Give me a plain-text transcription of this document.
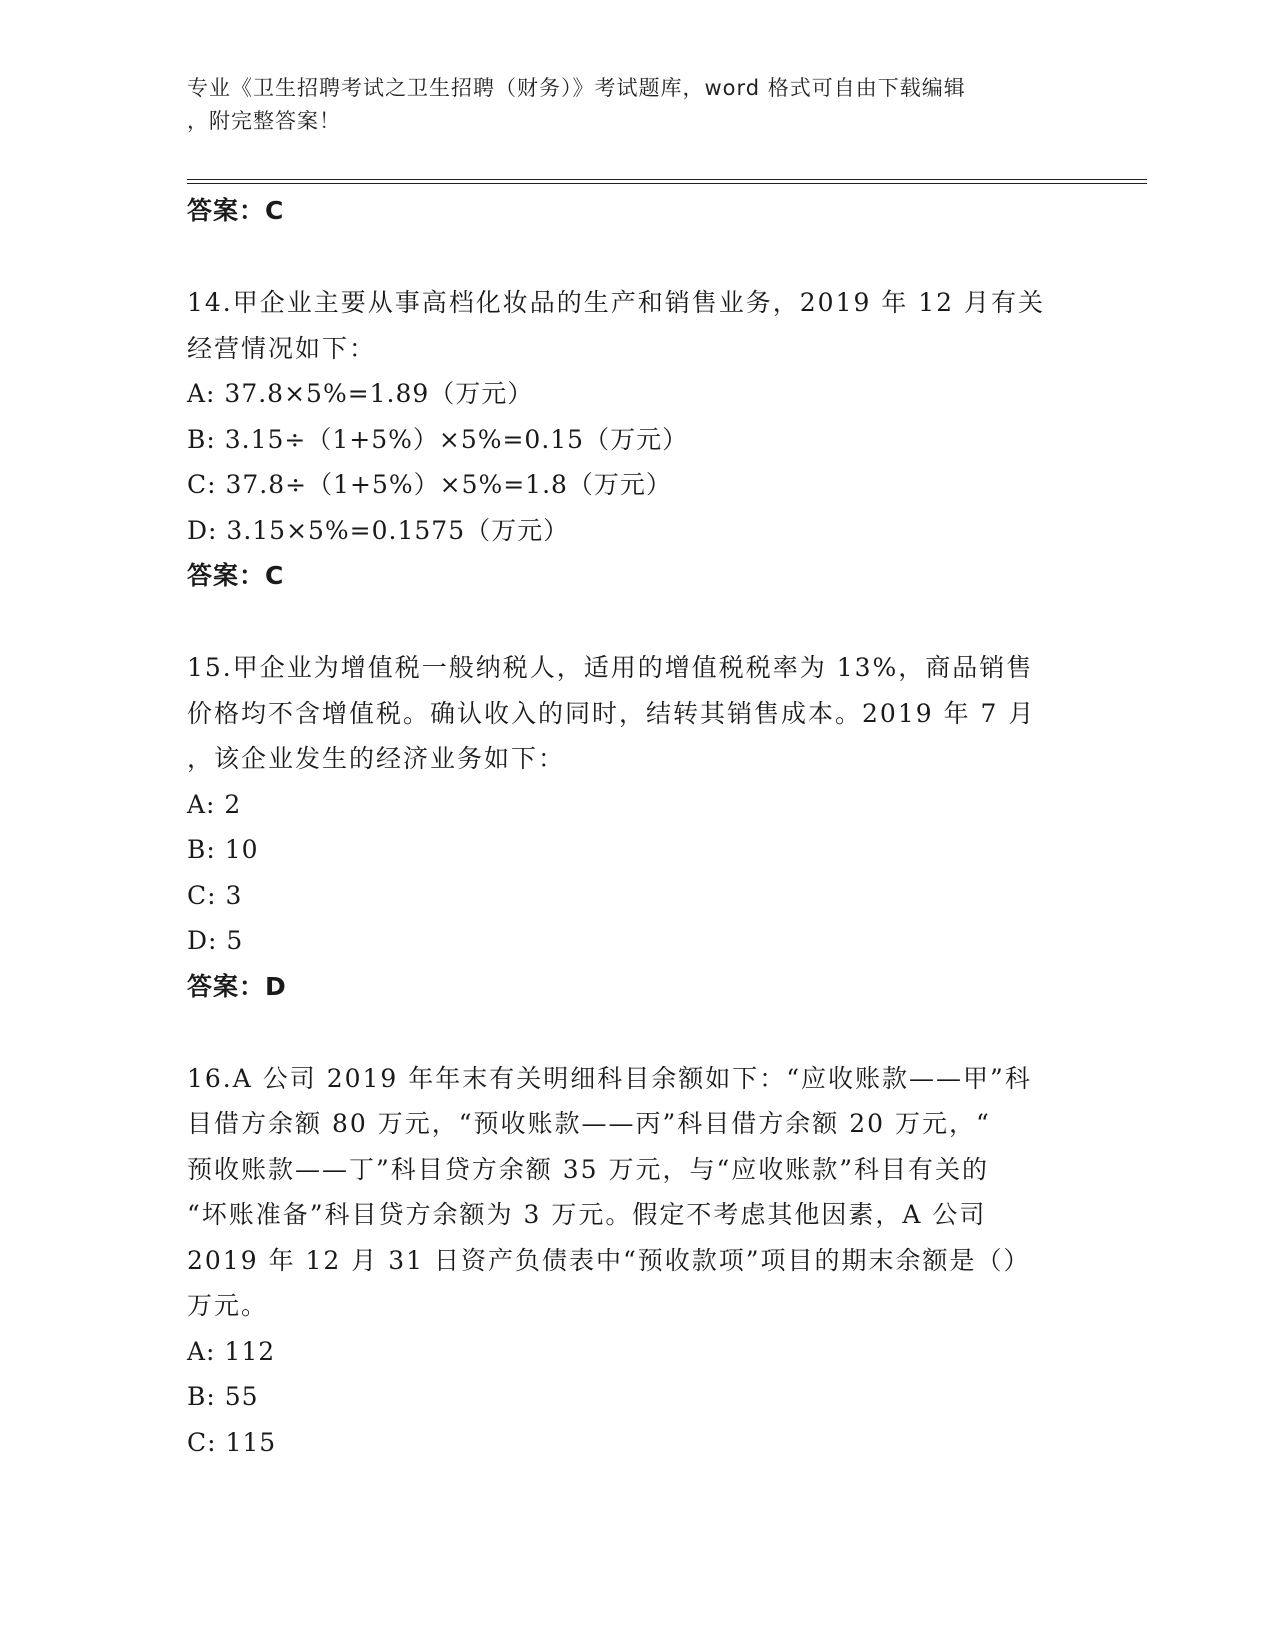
专业《卫生招聘考试之卫生招聘（财务）》考试题库，word 格式可自由下载编辑
，附完整答案！
答案：C
14.甲企业主要从事高档化妆品的生产和销售业务，2019 年 12 月有关
经营情况如下：
A: 37.8×5%=1.89（万元）
B: 3.15÷（1+5%）×5%=0.15（万元）
C: 37.8÷（1+5%）×5%=1.8（万元）
D: 3.15×5%=0.1575（万元）
答案：C
15.甲企业为增值税一般纳税人，适用的增值税税率为 13%，商品销售
价格均不含增值税。确认收入的同时，结转其销售成本。2019 年 7 月
，该企业发生的经济业务如下：
A: 2
B: 10
C: 3
D: 5
答案：D
16.A 公司 2019 年年末有关明细科目余额如下：“应收账款——甲”科
目借方余额 80 万元，“预收账款——丙”科目借方余额 20 万元，“
预收账款——丁”科目贷方余额 35 万元，与“应收账款”科目有关的
“坏账准备”科目贷方余额为 3 万元。假定不考虑其他因素，A 公司
2019 年 12 月 31 日资产负债表中“预收款项”项目的期末余额是（）
万元。
A: 112
B: 55
C: 115
